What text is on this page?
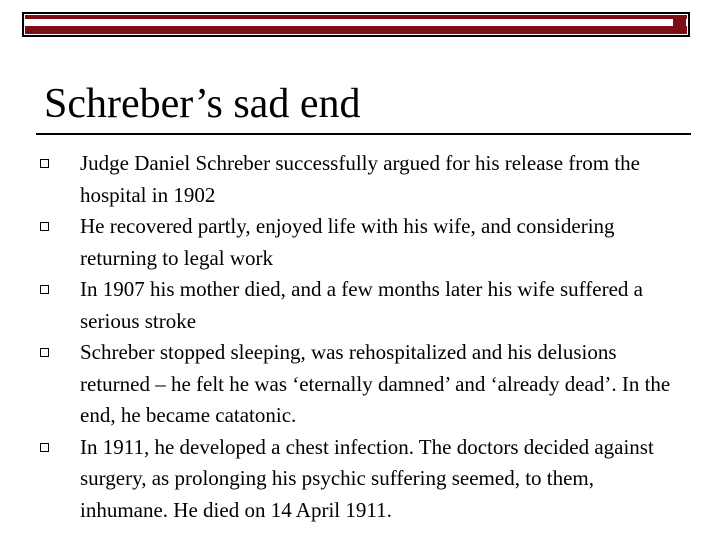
Schreber’s sad end
Judge Daniel Schreber successfully argued for his release from the hospital in 1902
He recovered partly, enjoyed life with his wife, and considering returning to legal work
In 1907 his mother died, and a few months later his wife suffered a serious stroke
Schreber stopped sleeping, was rehospitalized and his delusions returned – he felt he was ‘eternally damned’ and ‘already dead’. In the end, he became catatonic.
In 1911, he developed a chest infection. The doctors decided against surgery, as prolonging his psychic suffering seemed, to them, inhumane. He died on 14 April 1911.
